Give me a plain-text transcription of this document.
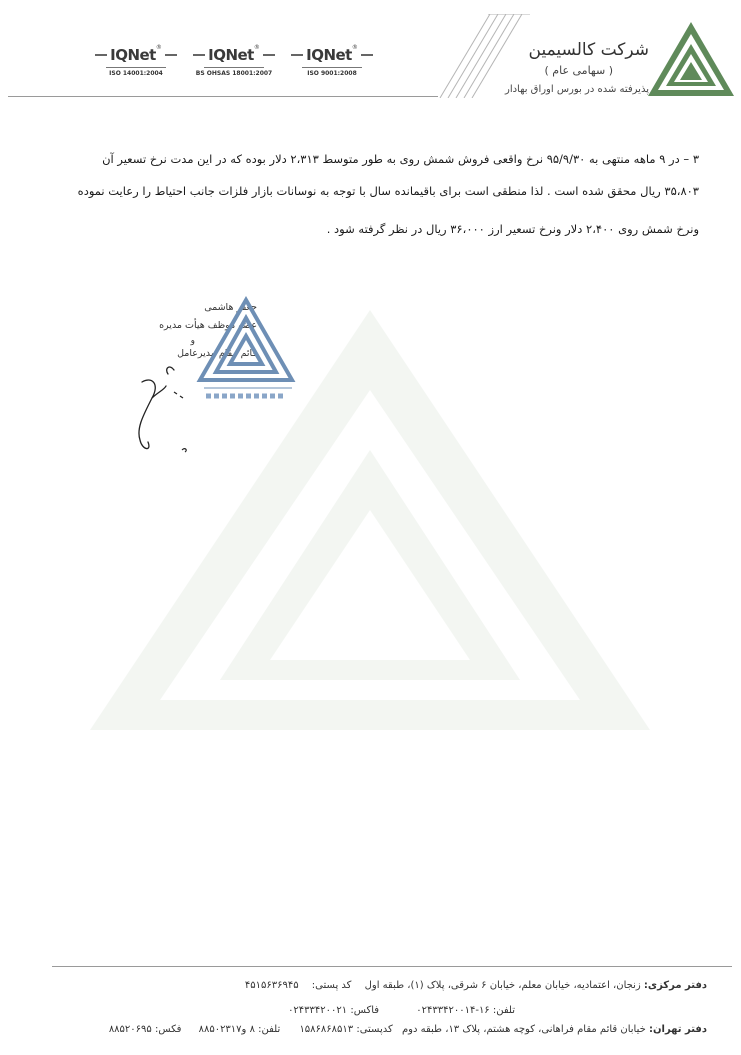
IQNet ®
ISO 14001:2004
IQNet ®
BS OHSAS 18001:2007
IQNet ®
ISO 9001:2008
شرکت کالسیمین
( سهامی عام )
پذیرفته شده در بورس اوراق بهادار
۳ – در ۹ ماهه منتهی به ۹۵/۹/۳۰ نرخ واقعی فروش شمش روی به طور متوسط ۲،۳۱۳ دلار بوده که در این مدت نرخ تسعیر آن
۳۵،۸۰۳ ریال محقق شده است . لذا منطقی است برای باقیمانده سال با توجه به نوسانات بازار فلزات جانب احتیاط را رعایت نموده
ونرخ شمش روی ۲،۴۰۰ دلار ونرخ تسعیر ارز ۳۶،۰۰۰ ریال در نظر گرفته شود .
جعفر هاشمی
عضو موظف هیأت مدیره
و
قائم مقام مدیرعامل
دفتر مرکزی: زنجان، اعتمادیه، خیابان معلم، خیابان ۶ شرقی، پلاک (۱)، طبقه اول کد پستی: ۴۵۱۵۶۳۶۹۴۵
تلفن: ۱۶-۰۲۴۳۳۴۲۰۰۱۴ فاکس: ۰۲۴۳۳۴۲۰۰۲۱
دفتر تهران: خیابان قائم مقام فراهانی، کوچه هشتم، پلاک ۱۳، طبقه دوم کدپستی: ۱۵۸۶۸۶۸۵۱۳ تلفن: ۸ و۸۸۵۰۲۳۱۷ فکس: ۸۸۵۲۰۶۹۵
